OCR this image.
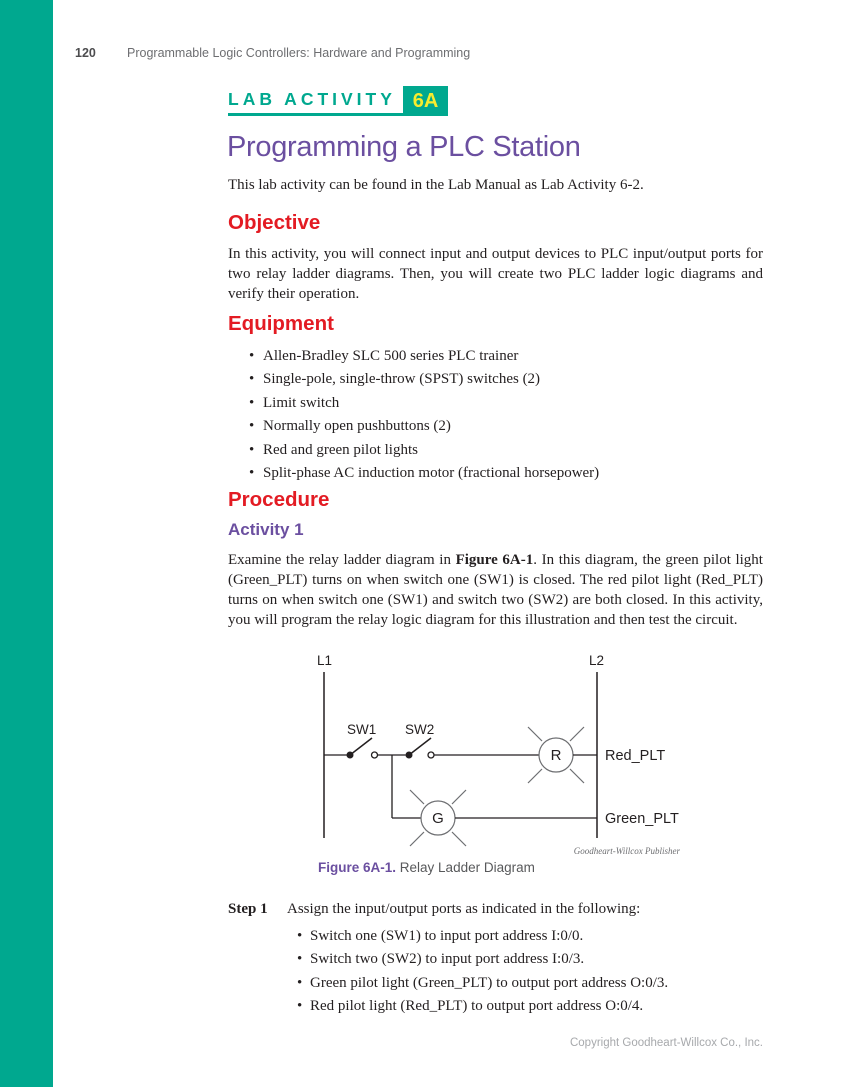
120	Programmable Logic Controllers: Hardware and Programming
LAB ACTIVITY 6A
Programming a PLC Station

This lab activity can be found in the Lab Manual as Lab Activity 6-2.

Objective

In this activity, you will connect input and output devices to PLC input/output ports for two relay ladder diagrams. Then, you will create two PLC ladder logic diagrams and verify their operation.

Equipment
•
Allen-Bradley SLC 500 series PLC trainer
•
Single-pole, single-throw (SPST) switches (2)
•
Limit switch
•
Normally open pushbuttons (2)
•
Red and green pilot lights
•
Split-phase AC induction motor (fractional horsepower)
Procedure
Activity 1

Examine the relay ladder diagram in Figure 6A-1. In this diagram, the green pilot light (Green_PLT) turns on when switch one (SW1) is closed. The red pilot light (Red_PLT) turns on when switch one (SW1) and switch two (SW2) are both closed. In this activity, you will program the relay logic diagram for this illustration and then test the circuit.

L1	L2
SW1 SW2
R	Red_PLT
G	Green_PLT
Goodheart-Willcox Publisher
Figure 6A-1. Relay Ladder Diagram
Step 1	Assign the input/output ports as indicated in the following:
•
Switch one (SW1) to input port address I:0/0.
•
Switch two (SW2) to input port address I:0/3.
•
Green pilot light (Green_PLT) to output port address O:0/3.
•
Red pilot light (Red_PLT) to output port address O:0/4.
Copyright Goodheart-Willcox Co., Inc.
